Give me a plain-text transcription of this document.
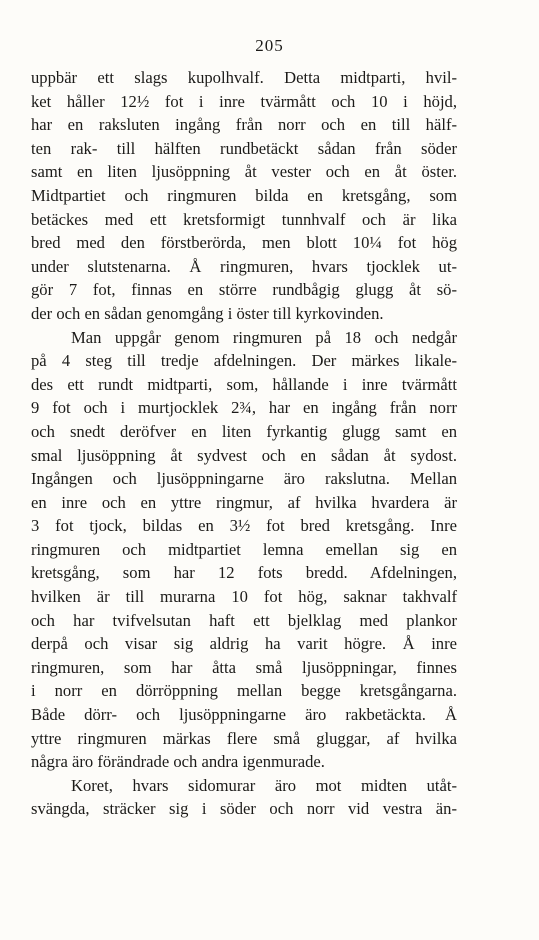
205
uppbär ett slags kupolhvalf. Detta midtparti, hvil-
ket håller 12½ fot i inre tvärmått och 10 i höjd,
har en raksluten ingång från norr och en till hälf-
ten rak- till hälften rundbetäckt sådan från söder
samt en liten ljusöppning åt vester och en åt öster.
Midtpartiet och ringmuren bilda en kretsgång, som
betäckes med ett kretsformigt tunnhvalf och är lika
bred med den förstberörda, men blott 10¼ fot hög
under slutstenarna. Å ringmuren, hvars tjocklek ut-
gör 7 fot, finnas en större rundbågig glugg åt sö-
der och en sådan genomgång i öster till kyrkovinden.
Man uppgår genom ringmuren på 18 och nedgår
på 4 steg till tredje afdelningen. Der märkes likale-
des ett rundt midtparti, som, hållande i inre tvärmått
9 fot och i murtjocklek 2¾, har en ingång från norr
och snedt deröfver en liten fyrkantig glugg samt en
smal ljusöppning åt sydvest och en sådan åt sydost.
Ingången och ljusöppningarne äro rakslutna. Mellan
en inre och en yttre ringmur, af hvilka hvardera är
3 fot tjock, bildas en 3½ fot bred kretsgång. Inre
ringmuren och midtpartiet lemna emellan sig en
kretsgång, som har 12 fots bredd. Afdelningen,
hvilken är till murarna 10 fot hög, saknar takhvalf
och har tvifvelsutan haft ett bjelklag med plankor
derpå och visar sig aldrig ha varit högre. Å inre
ringmuren, som har åtta små ljusöppningar, finnes
i norr en dörröppning mellan begge kretsgångarna.
Både dörr- och ljusöppningarne äro rakbetäckta. Å
yttre ringmuren märkas flere små gluggar, af hvilka
några äro förändrade och andra igenmurade.
Koret, hvars sidomurar äro mot midten utåt-
svängda, sträcker sig i söder och norr vid vestra än-
